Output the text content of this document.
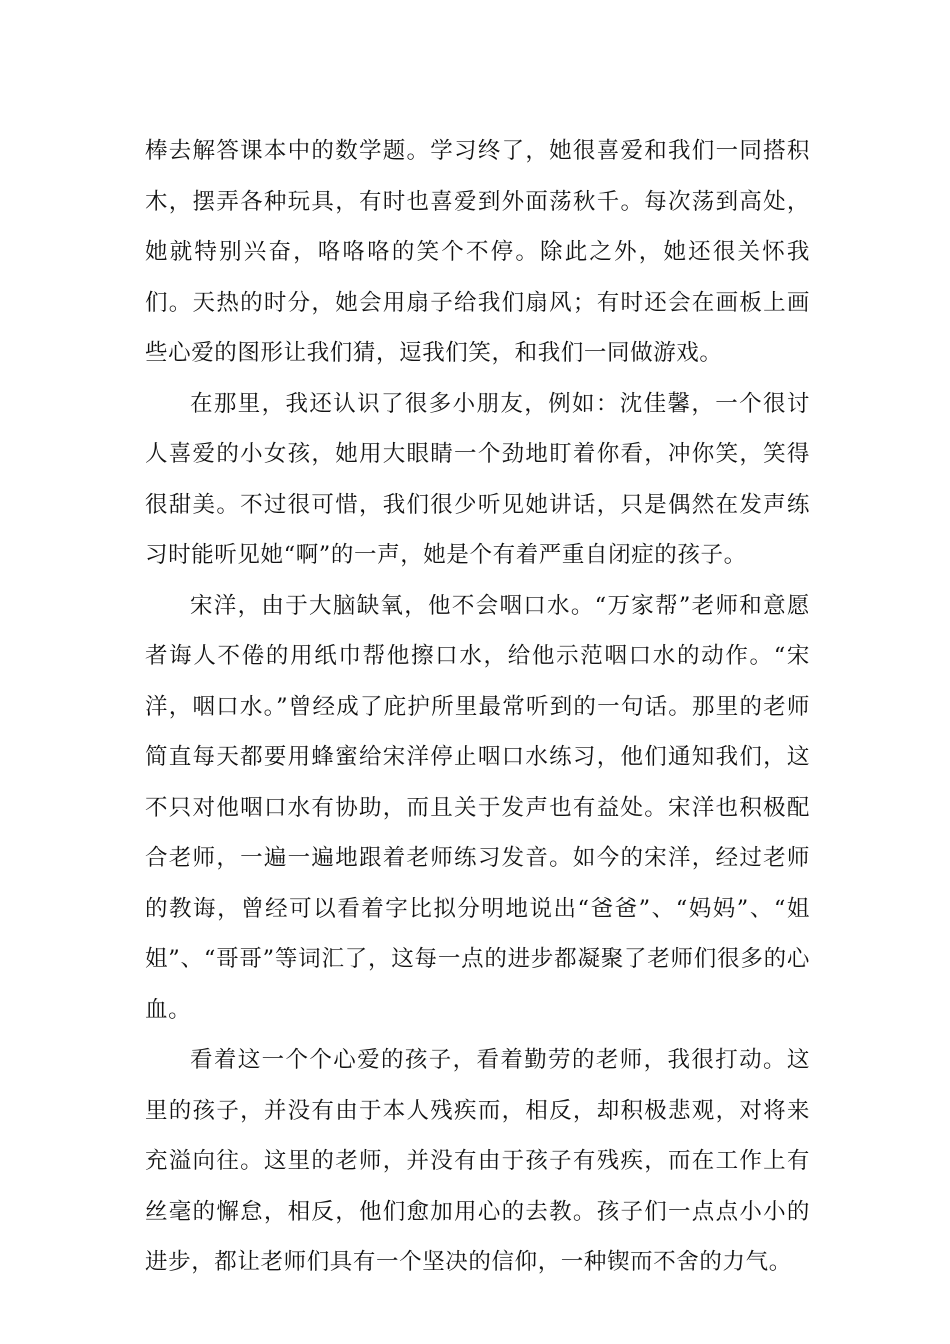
棒去解答课本中的数学题。学习终了，她很喜爱和我们一同搭积木，摆弄各种玩具，有时也喜爱到外面荡秋千。每次荡到高处，她就特别兴奋，咯咯咯的笑个不停。除此之外，她还很关怀我们。天热的时分，她会用扇子给我们扇风；有时还会在画板上画些心爱的图形让我们猜，逗我们笑，和我们一同做游戏。

在那里，我还认识了很多小朋友，例如：沈佳馨，一个很讨人喜爱的小女孩，她用大眼睛一个劲地盯着你看，冲你笑，笑得很甜美。不过很可惜，我们很少听见她讲话，只是偶然在发声练习时能听见她“啊”的一声，她是个有着严重自闭症的孩子。

宋洋，由于大脑缺氧，他不会咽口水。“万家帮”老师和意愿者诲人不倦的用纸巾帮他擦口水，给他示范咽口水的动作。“宋洋，咽口水。”曾经成了庇护所里最常听到的一句话。那里的老师简直每天都要用蜂蜜给宋洋停止咽口水练习，他们通知我们，这不只对他咽口水有协助，而且关于发声也有益处。宋洋也积极配合老师，一遍一遍地跟着老师练习发音。如今的宋洋，经过老师的教诲，曾经可以看着字比拟分明地说出“爸爸”、“妈妈”、“姐姐”、“哥哥”等词汇了，这每一点的进步都凝聚了老师们很多的心血。

看着这一个个心爱的孩子，看着勤劳的老师，我很打动。这里的孩子，并没有由于本人残疾而，相反，却积极悲观，对将来充溢向往。这里的老师，并没有由于孩子有残疾，而在工作上有丝毫的懈怠，相反，他们愈加用心的去教。孩子们一点点小小的进步，都让老师们具有一个坚决的信仰，一种锲而不舍的力气。
